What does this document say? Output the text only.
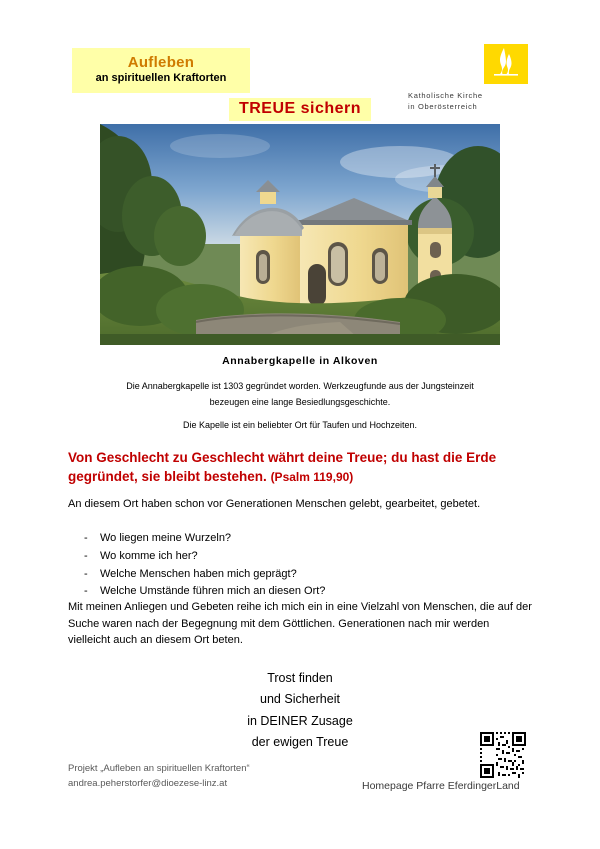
Aufleben
an spirituellen Kraftorten
Katholische Kirche
in Oberösterreich
TREUE sichern
Annabergkapelle in Alkoven
Die Annabergkapelle ist 1303 gegründet worden. Werkzeugfunde aus der Jungsteinzeit
bezeugen eine lange Besiedlungsgeschichte.
Die Kapelle ist ein beliebter Ort für Taufen und Hochzeiten.
Von Geschlecht zu Geschlecht währt deine Treue; du hast die Erde gegründet, sie bleibt bestehen. (Psalm 119,90)
An diesem Ort haben schon vor Generationen Menschen gelebt, gearbeitet, gebetet.
- Wo liegen meine Wurzeln?
- Wo komme ich her?
- Welche Menschen haben mich geprägt?
- Welche Umstände führen mich an diesen Ort?
Mit meinen Anliegen und Gebeten reihe ich mich ein in eine Vielzahl von Menschen, die auf der Suche waren nach der Begegnung mit dem Göttlichen. Generationen nach mir werden vielleicht auch an diesem Ort beten.
Trost finden
und Sicherheit
in DEINER Zusage
der ewigen Treue
Projekt „Aufleben an spirituellen Kraftorten“
andrea.peherstorfer@dioezese-linz.at	Homepage Pfarre EferdingerLand
